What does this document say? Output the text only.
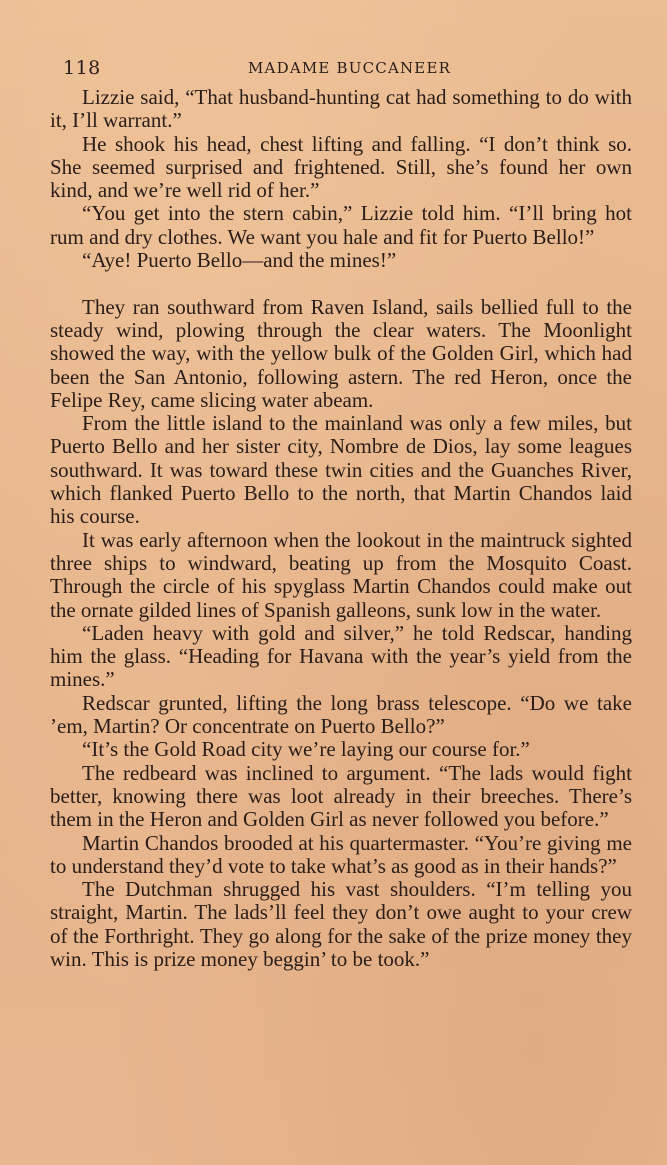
118	MADAME BUCCANEER

Lizzie said, “That husband-hunting cat had something to do with it, I’ll warrant.”

He shook his head, chest lifting and falling. “I don’t think so. She seemed surprised and frightened. Still, she’s found her own kind, and we’re well rid of her.”

“You get into the stern cabin,” Lizzie told him. “I’ll bring hot rum and dry clothes. We want you hale and fit for Puerto Bello!”

“Aye! Puerto Bello—and the mines!”

They ran southward from Raven Island, sails bellied full to the steady wind, plowing through the clear waters. The Moonlight showed the way, with the yellow bulk of the Golden Girl, which had been the San Antonio, following astern. The red Heron, once the Felipe Rey, came slicing water abeam.

From the little island to the mainland was only a few miles, but Puerto Bello and her sister city, Nombre de Dios, lay some leagues southward. It was toward these twin cities and the Guanches River, which flanked Puerto Bello to the north, that Martin Chandos laid his course.

It was early afternoon when the lookout in the maintruck sighted three ships to windward, beating up from the Mosquito Coast. Through the circle of his spyglass Martin Chandos could make out the ornate gilded lines of Spanish galleons, sunk low in the water.

“Laden heavy with gold and silver,” he told Redscar, handing him the glass. “Heading for Havana with the year’s yield from the mines.”

Redscar grunted, lifting the long brass telescope. “Do we take ’em, Martin? Or concentrate on Puerto Bello?”

“It’s the Gold Road city we’re laying our course for.”

The redbeard was inclined to argument. “The lads would fight better, knowing there was loot already in their breeches. There’s them in the Heron and Golden Girl as never followed you before.”

Martin Chandos brooded at his quartermaster. “You’re giving me to understand they’d vote to take what’s as good as in their hands?”

The Dutchman shrugged his vast shoulders. “I’m telling you straight, Martin. The lads’ll feel they don’t owe aught to your crew of the Forthright. They go along for the sake of the prize money they win. This is prize money beggin’ to be took.”
